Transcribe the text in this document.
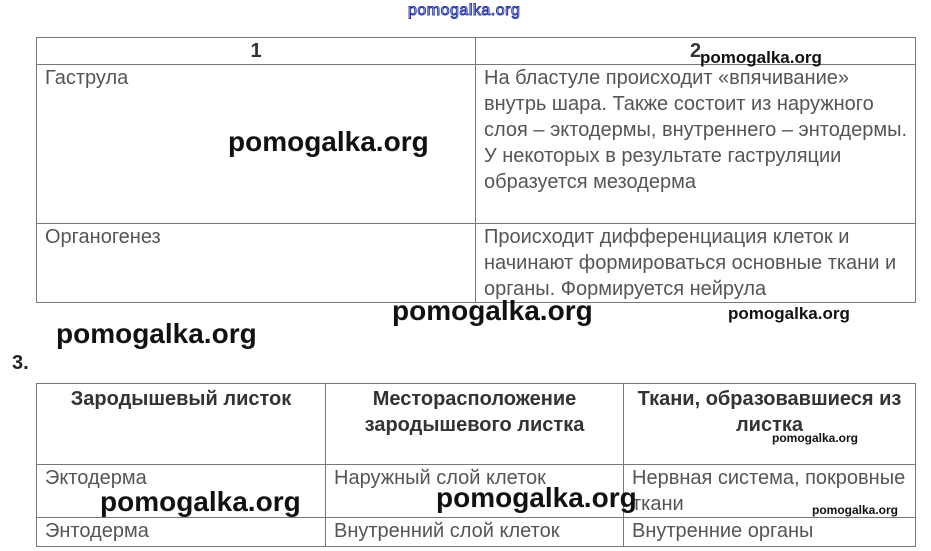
pomogalka.org
1	2
Гаструла	На бластуле происходит «впячивание» внутрь шара. Также состоит из наружного слоя – эктодермы, внутреннего – энтодермы. У некоторых в результате гаструляции образуется мезодерма
Органогенез	Происходит дифференциация клеток и начинают формироваться основные ткани и органы. Формируется нейрула
3.
Зародышевый листок	Месторасположение зародышевого листка	Ткани, образовавшиеся из листка
Эктодерма	Наружный слой клеток	Нервная система, покровные ткани
Энтодерма	Внутренний слой клеток	Внутренние органы
pomogalka.org
pomogalka.org
pomogalka.org	pomogalka.org
pomogalka.org
pomogalka.org
pomogalka.org	pomogalka.org	pomogalka.org
